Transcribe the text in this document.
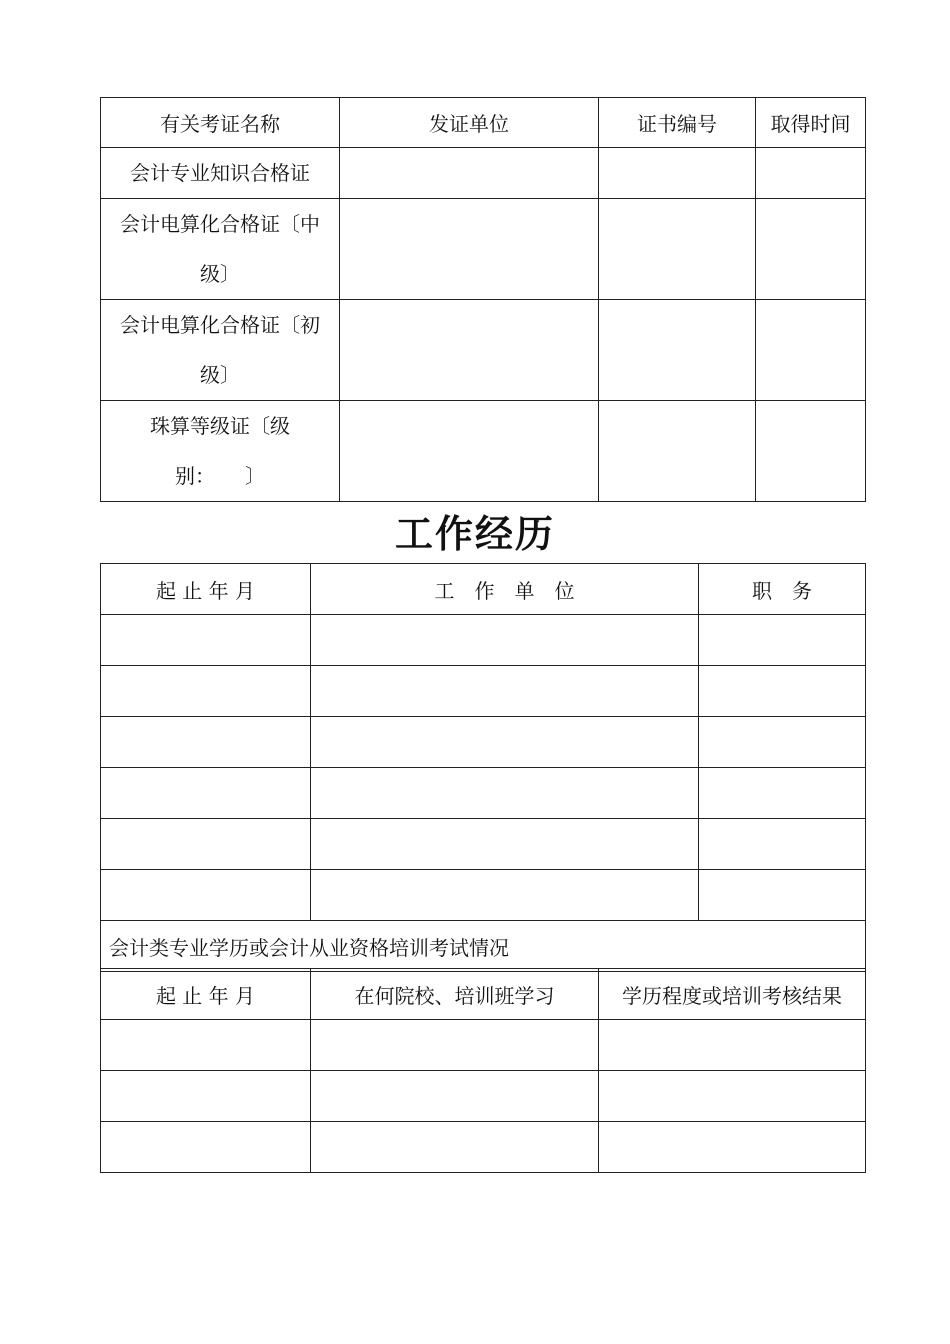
有关考证名称	发证单位	证书编号	取得时间
会计专业知识合格证			
会计电算化合格证〔中级〕			
会计电算化合格证〔初级〕			
珠算等级证〔级别：　　〕			
工作经历
起 止 年 月	工　作　单　位	职　务

会计类专业学历或会计从业资格培训考试情况		
起 止 年 月	在何院校、培训班学习	学历程度或培训考核结果
